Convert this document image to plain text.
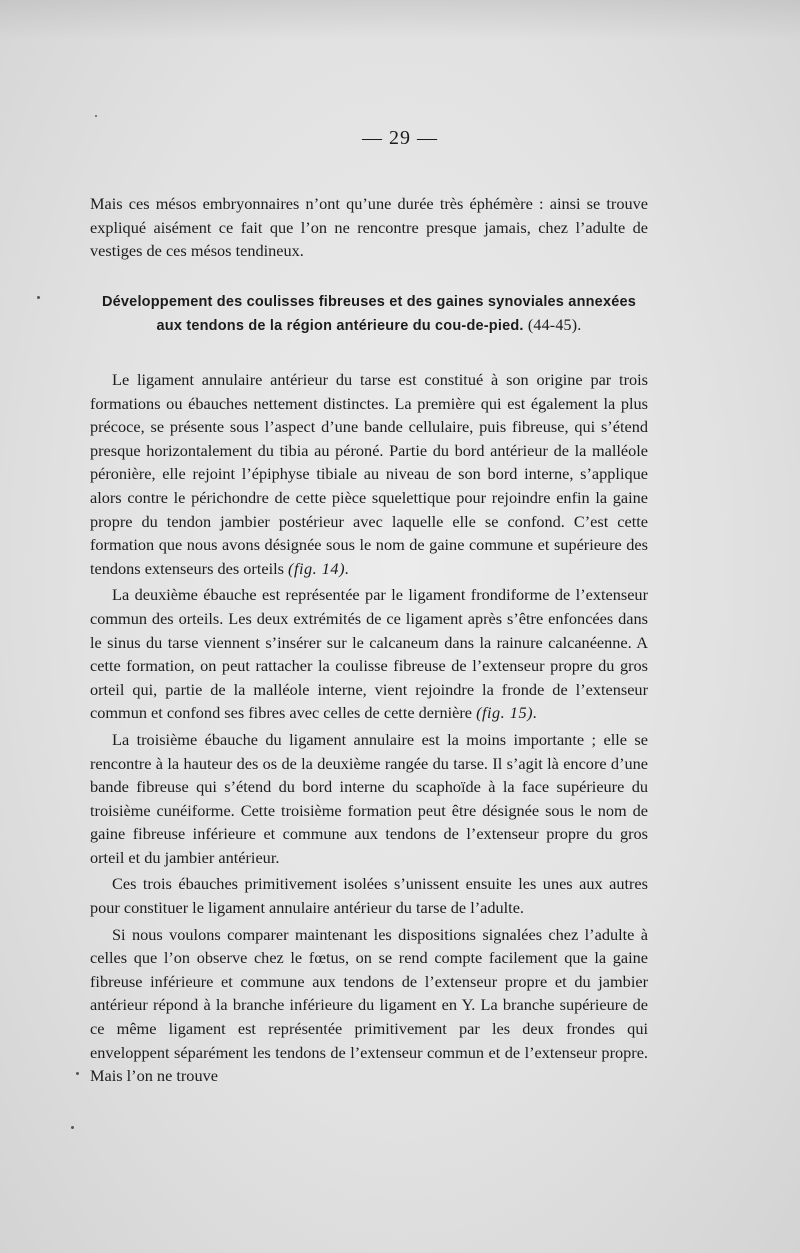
— 29 —

Mais ces mésos embryonnaires n’ont qu’une durée très éphémère : ainsi se trouve expliqué aisément ce fait que l’on ne rencontre presque jamais, chez l’adulte de vestiges de ces mésos tendineux.

Développement des coulisses fibreuses et des gaines synoviales annexées aux tendons de la région antérieure du cou-de-pied. (44-45).

Le ligament annulaire antérieur du tarse est constitué à son origine par trois formations ou ébauches nettement distinctes. La première qui est également la plus précoce, se présente sous l’aspect d’une bande cellulaire, puis fibreuse, qui s’étend presque horizontalement du tibia au péroné. Partie du bord antérieur de la malléole péronière, elle rejoint l’épiphyse tibiale au niveau de son bord interne, s’applique alors contre le périchondre de cette pièce squelettique pour rejoindre enfin la gaine propre du tendon jambier postérieur avec laquelle elle se confond. C’est cette formation que nous avons désignée sous le nom de gaine commune et supérieure des tendons extenseurs des orteils (fig. 14).

La deuxième ébauche est représentée par le ligament frondiforme de l’extenseur commun des orteils. Les deux extrémités de ce ligament après s’être enfoncées dans le sinus du tarse viennent s’insérer sur le calcaneum dans la rainure calcanéenne. A cette formation, on peut rattacher la coulisse fibreuse de l’extenseur propre du gros orteil qui, partie de la malléole interne, vient rejoindre la fronde de l’extenseur commun et confond ses fibres avec celles de cette dernière (fig. 15).

La troisième ébauche du ligament annulaire est la moins importante ; elle se rencontre à la hauteur des os de la deuxième rangée du tarse. Il s’agit là encore d’une bande fibreuse qui s’étend du bord interne du scaphoïde à la face supérieure du troisième cunéiforme. Cette troisième formation peut être désignée sous le nom de gaine fibreuse inférieure et commune aux tendons de l’extenseur propre du gros orteil et du jambier antérieur.

Ces trois ébauches primitivement isolées s’unissent ensuite les unes aux autres pour constituer le ligament annulaire antérieur du tarse de l’adulte.

Si nous voulons comparer maintenant les dispositions signalées chez l’adulte à celles que l’on observe chez le fœtus, on se rend compte facilement que la gaine fibreuse inférieure et commune aux tendons de l’extenseur propre et du jambier antérieur répond à la branche inférieure du ligament en Y. La branche supérieure de ce même ligament est représentée primitivement par les deux frondes qui enveloppent séparément les tendons de l’extenseur commun et de l’extenseur propre. Mais l’on ne trouve
